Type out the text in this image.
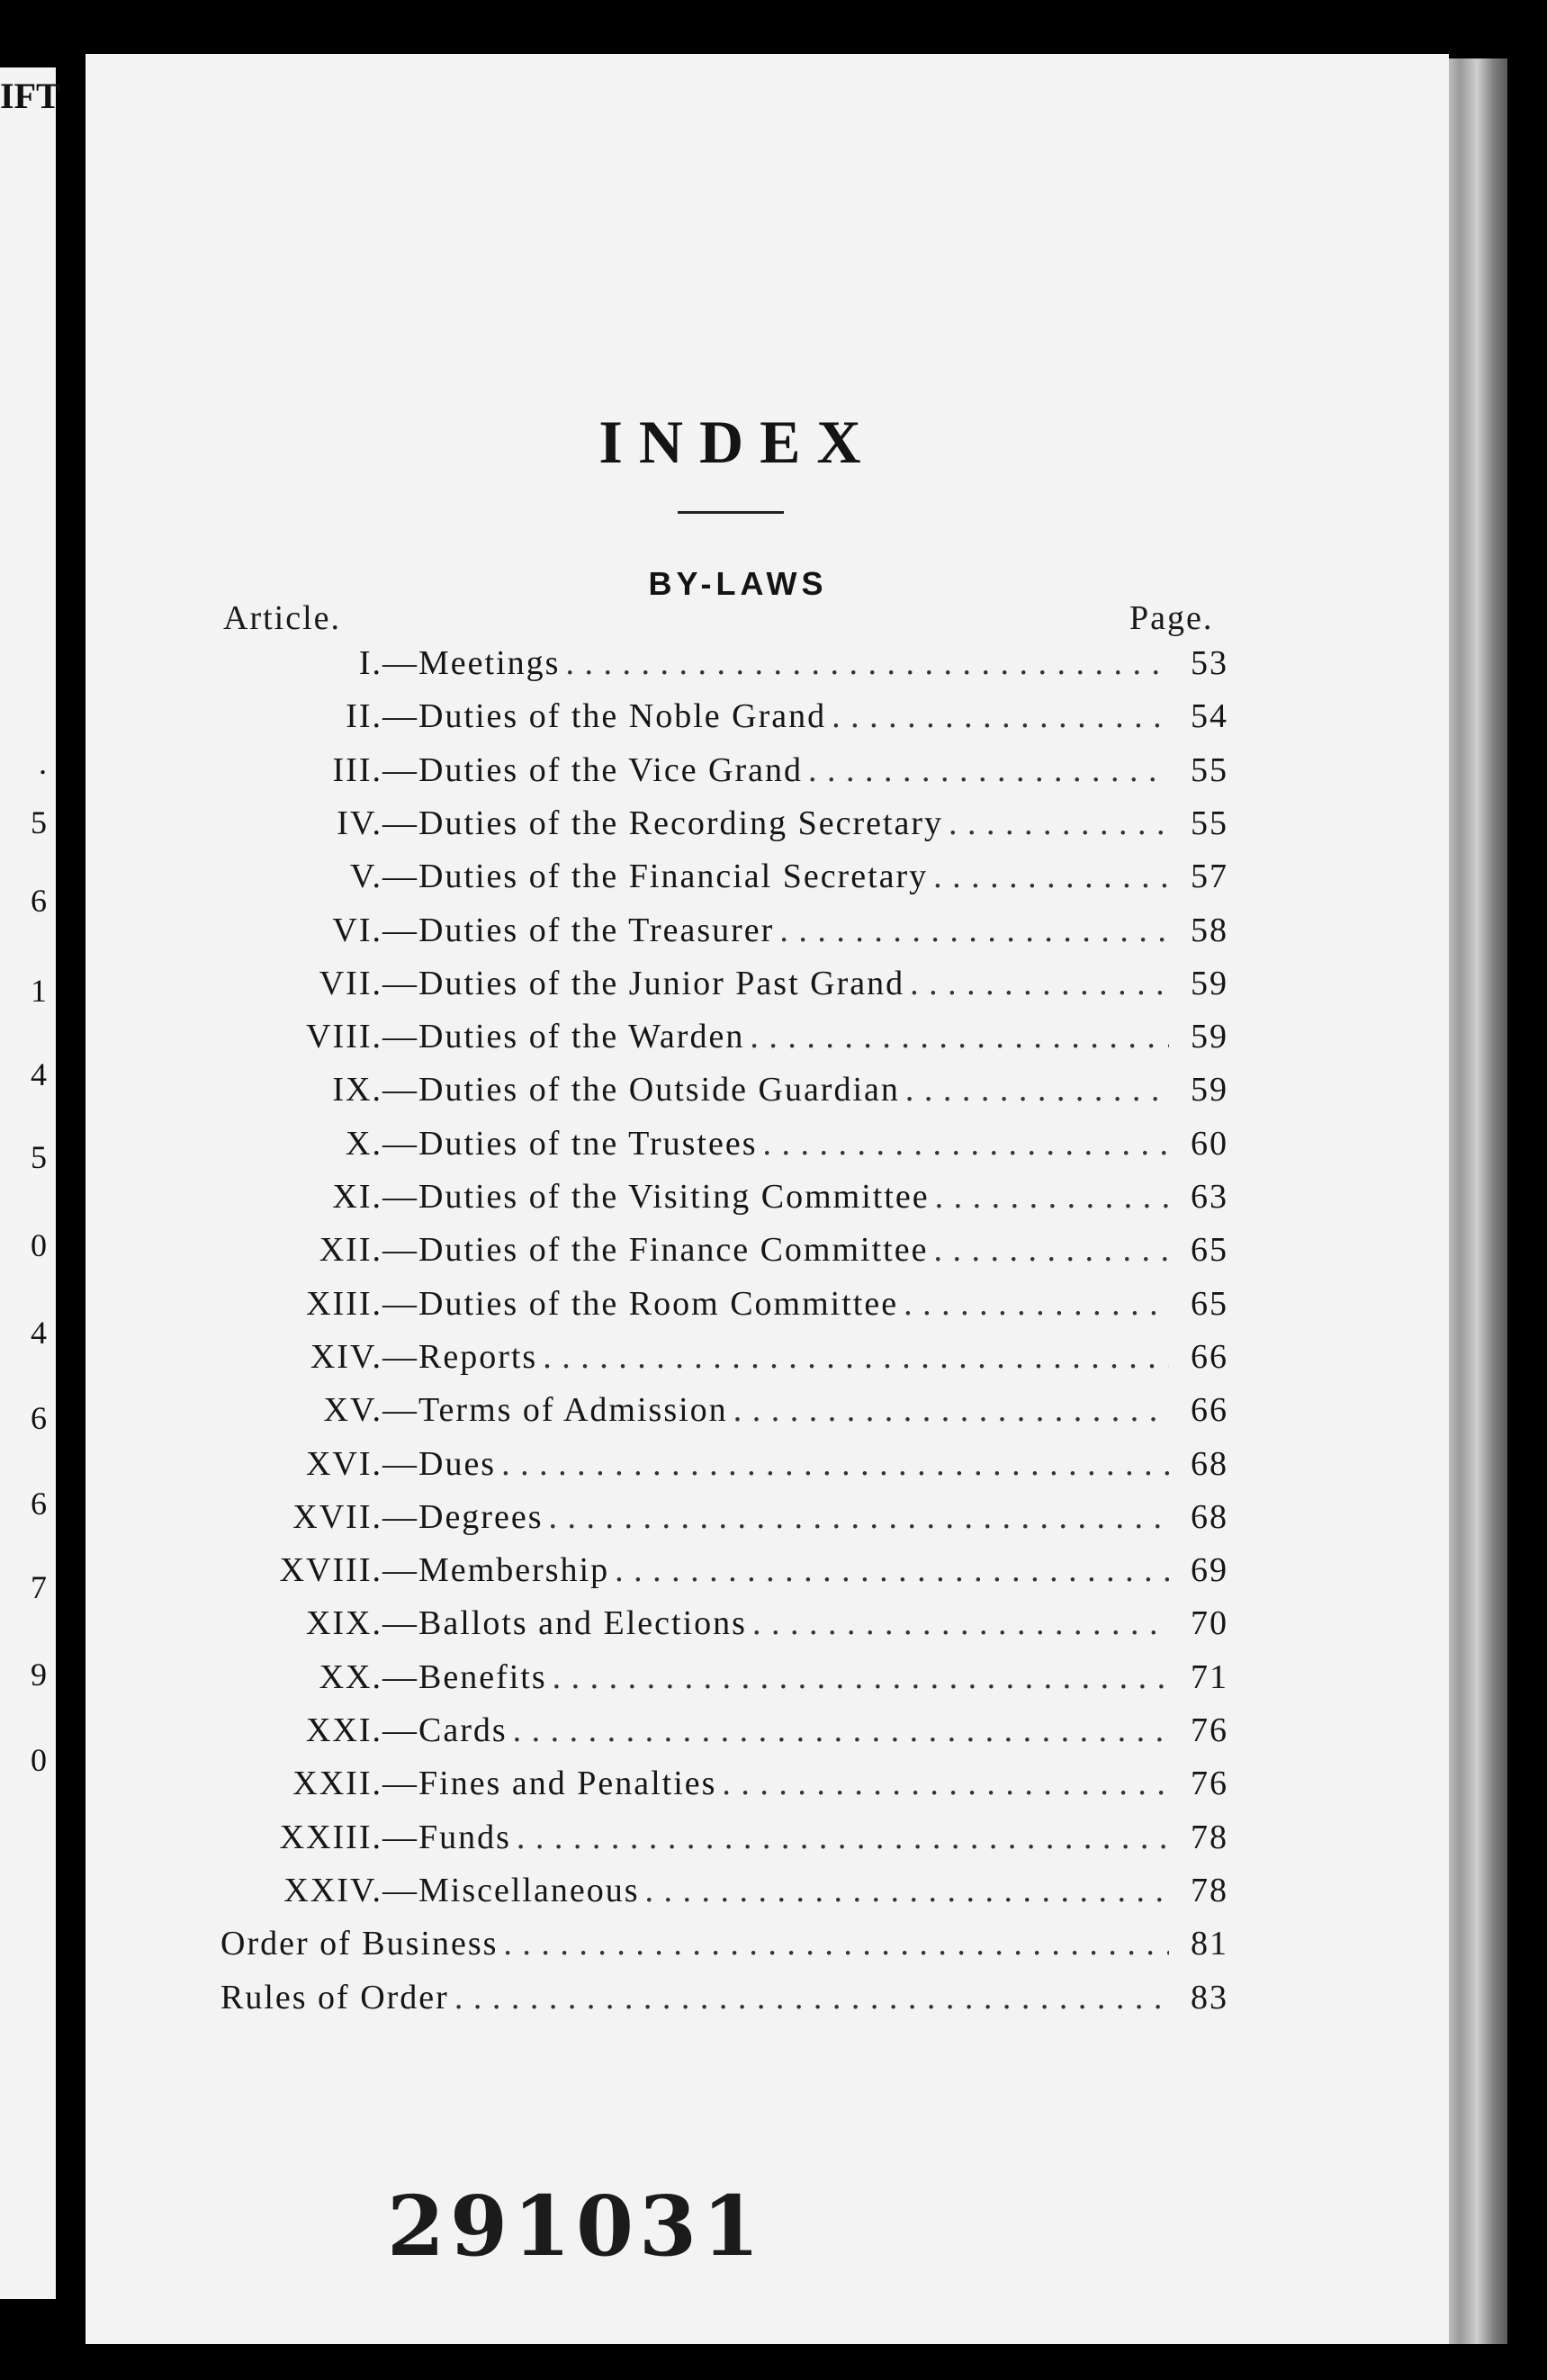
IFT
.
5
6
1
4
5
0
4
6
6
7
9
0
INDEX
BY-LAWS
Article.	Page.
I. —Meetings . . .	53
II. —Duties of the Noble Grand . . .	54
III. —Duties of the Vice Grand . . .	55
IV. —Duties of the Recording Secretary . . .	55
V. —Duties of the Financial Secretary . . .	57
VI. —Duties of the Treasurer . . .	58
VII. —Duties of the Junior Past Grand . . .	59
VIII. —Duties of the Warden . . .	59
IX. —Duties of the Outside Guardian . . .	59
X. —Duties of tne Trustees . . .	60
XI. —Duties of the Visiting Committee . . .	63
XII. —Duties of the Finance Committee . . .	65
XIII. —Duties of the Room Committee . . .	65
XIV. —Reports . . .	66
XV. —Terms of Admission . . .	66
XVI. —Dues . . .	68
XVII. —Degrees . . .	68
XVIII. —Membership . . .	69
XIX. —Ballots and Elections . . .	70
XX. —Benefits . . .	71
XXI. —Cards . . .	76
XXII. —Fines and Penalties . . .	76
XXIII. —Funds . . .	78
XXIV. —Miscellaneous . . .	78
Order of Business . . .	81
Rules of Order . . .	83
291031
